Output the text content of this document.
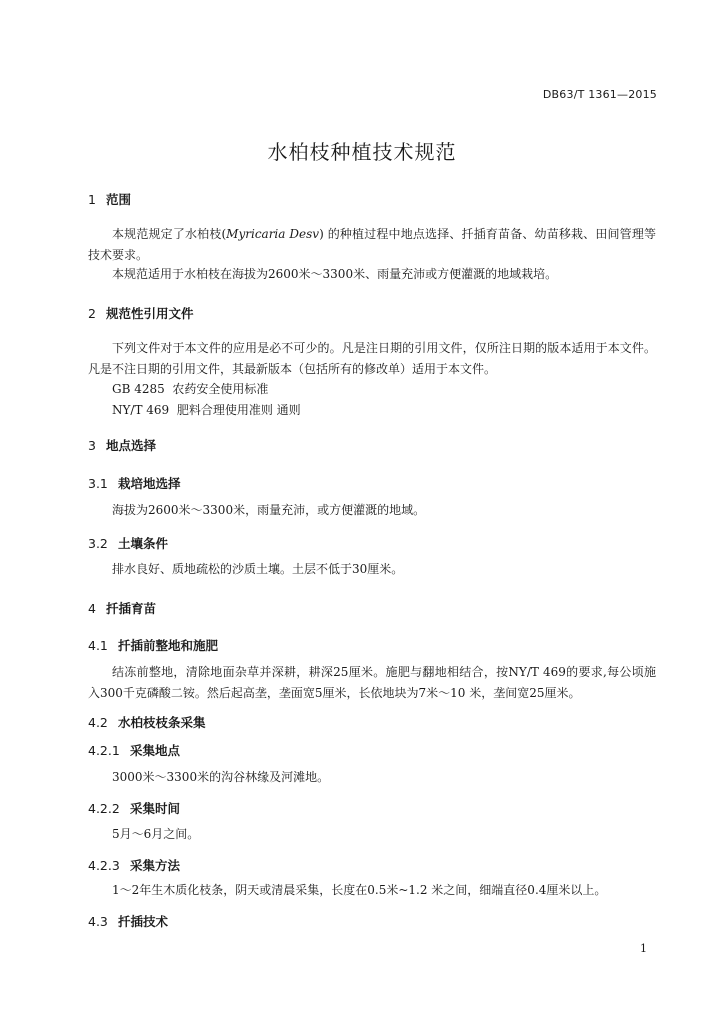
DB63/T 1361—2015
水柏枝种植技术规范
1 范围
本规范规定了水柏枝(Myricaria Desv) 的种植过程中地点选择、扦插育苗备、幼苗移栽、田间管理等技术要求。
本规范适用于水柏枝在海拔为2600米～3300米、雨量充沛或方便灌溉的地域栽培。
2 规范性引用文件
下列文件对于本文件的应用是必不可少的。凡是注日期的引用文件，仅所注日期的版本适用于本文件。凡是不注日期的引用文件，其最新版本（包括所有的修改单）适用于本文件。
GB 4285  农药安全使用标准
NY/T 469  肥料合理使用准则 通则
3 地点选择
3.1 栽培地选择
海拔为2600米～3300米，雨量充沛，或方便灌溉的地域。
3.2 土壤条件
排水良好、质地疏松的沙质土壤。土层不低于30厘米。
4 扦插育苗
4.1 扦插前整地和施肥
结冻前整地，清除地面杂草并深耕，耕深25厘米。施肥与翻地相结合，按NY/T 469的要求,每公顷施入300千克磷酸二铵。然后起高垄，垄面宽5厘米，长依地块为7米～10 米，垄间宽25厘米。
4.2 水柏枝枝条采集
4.2.1 采集地点
3000米～3300米的沟谷林缘及河滩地。
4.2.2 采集时间
5月～6月之间。
4.2.3 采集方法
1～2年生木质化枝条，阴天或清晨采集，长度在0.5米~1.2 米之间，细端直径0.4厘米以上。
4.3 扦插技术
1
